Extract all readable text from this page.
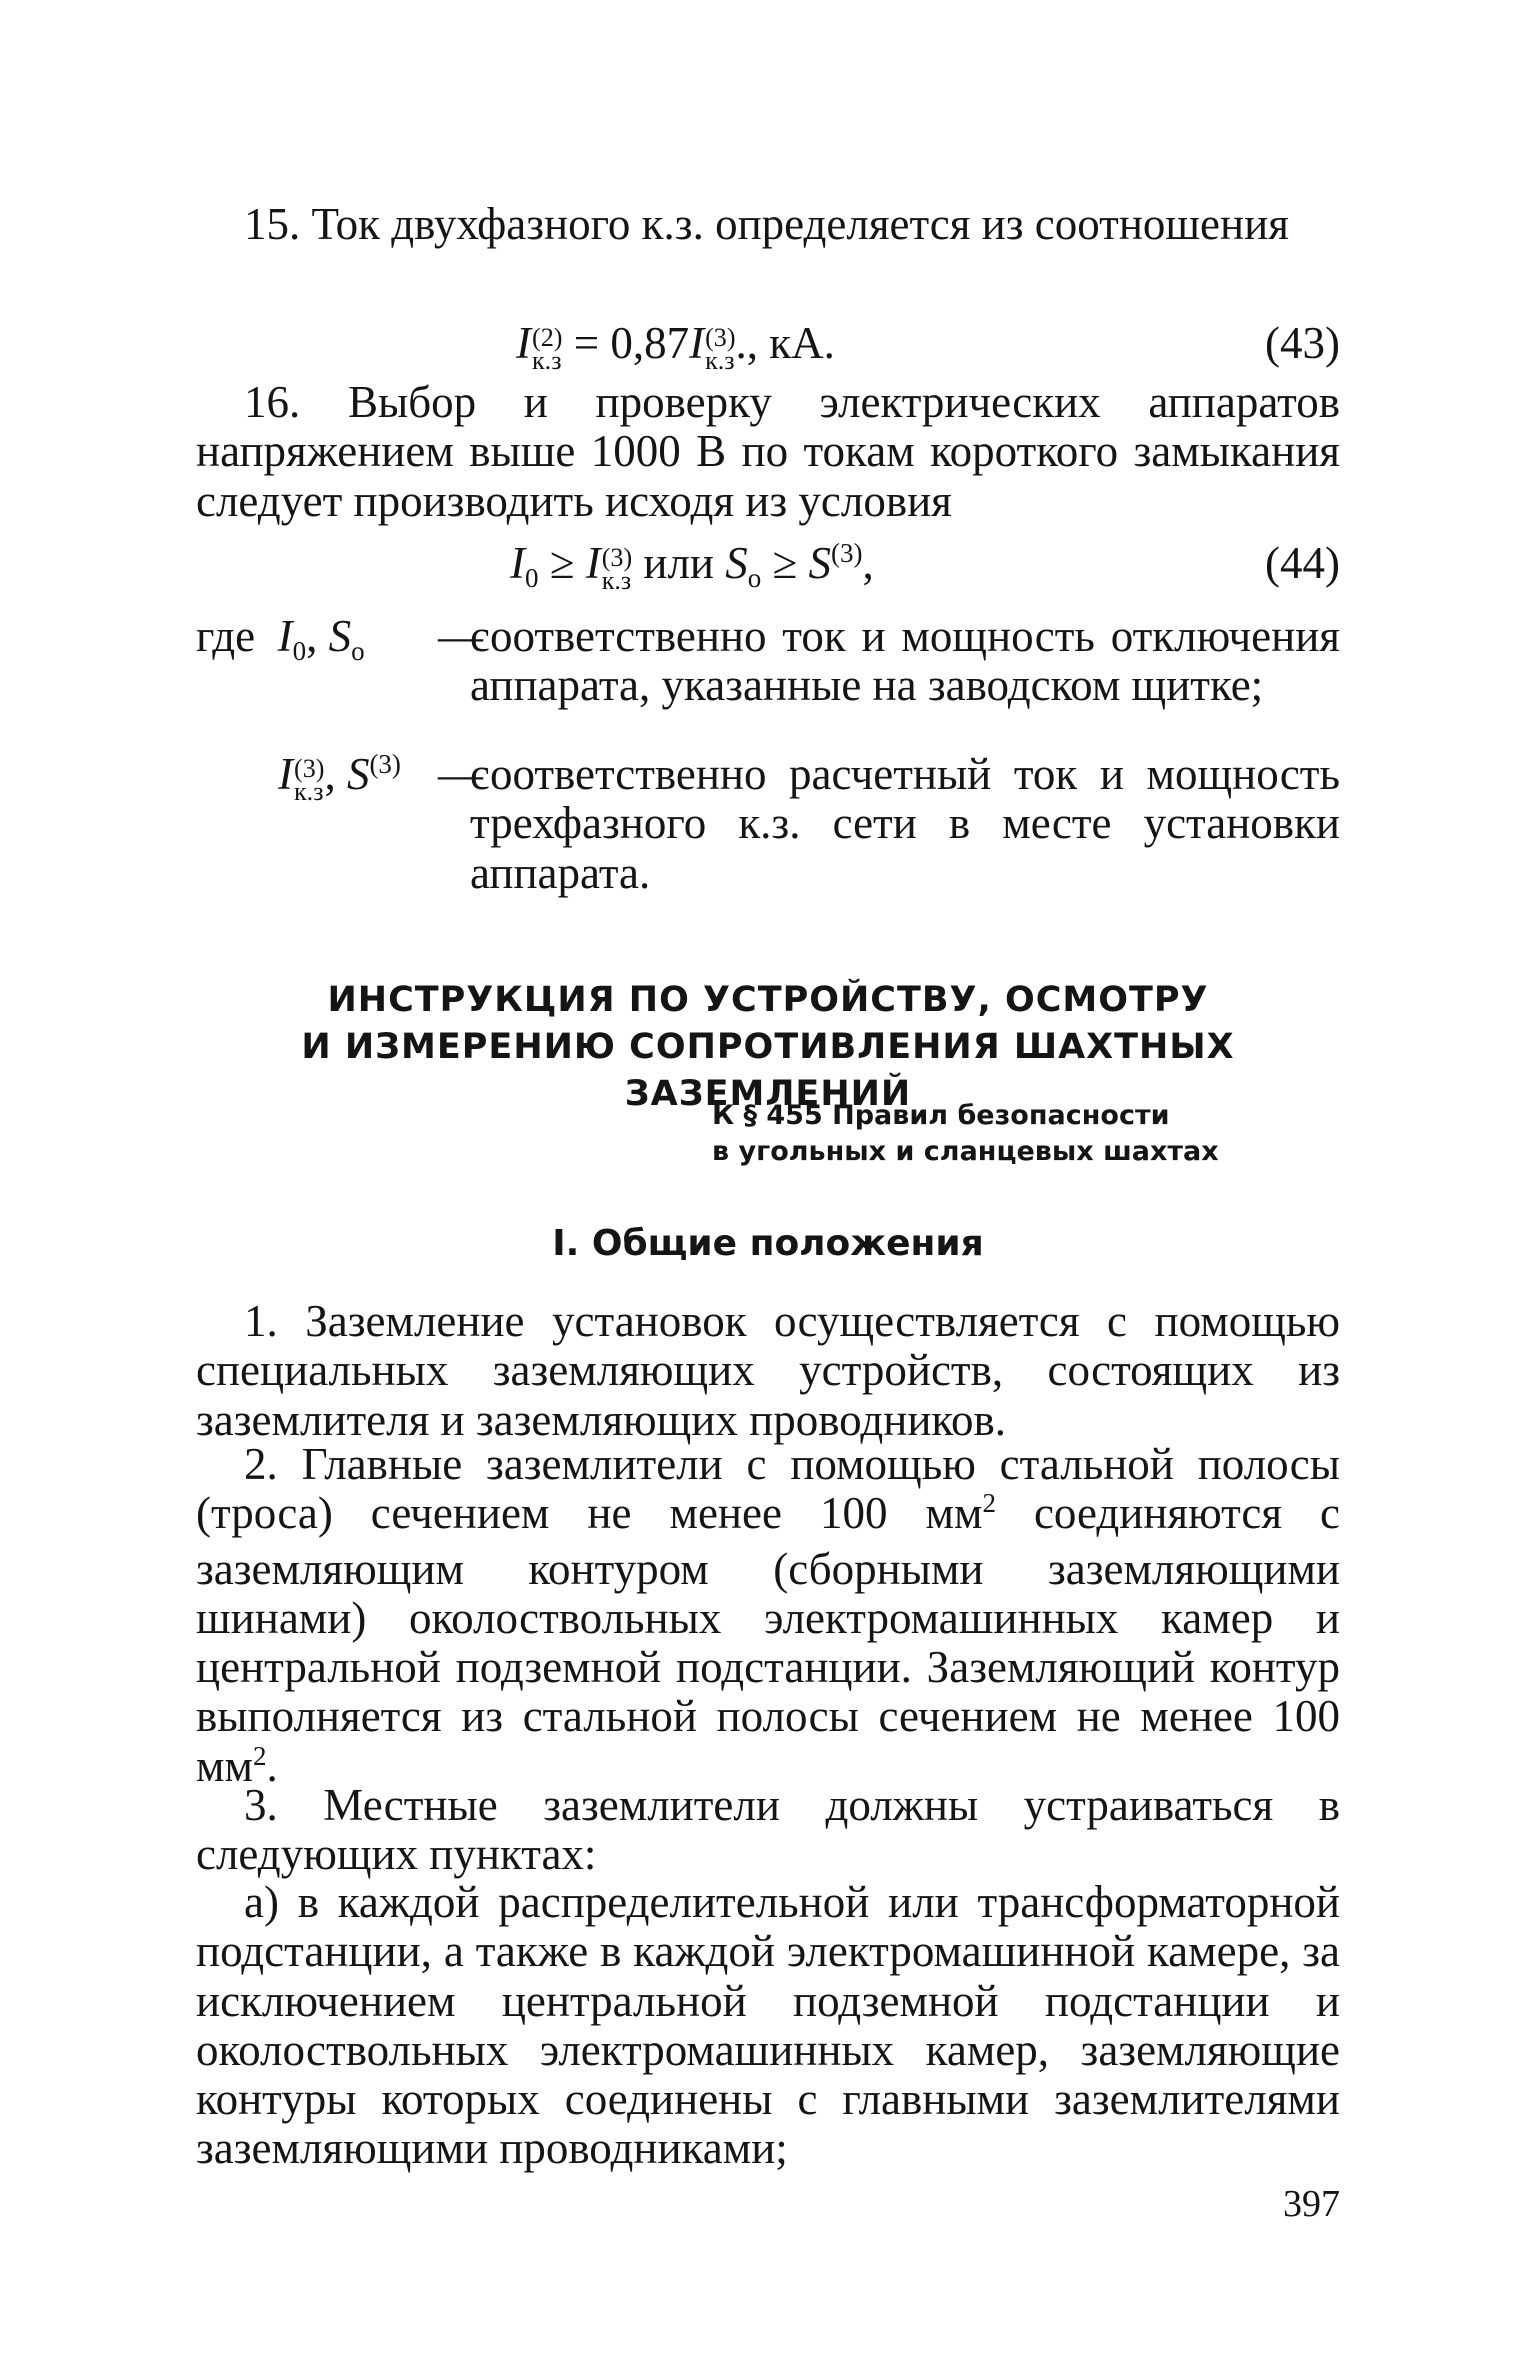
15. Ток двухфазного к.з. определяется из соотношения

I (2)
к.з = 0,87I (3)
к.з ., кА.	(43)

16. Выбор и проверку электрических аппаратов напряжением выше 1000 В по токам короткого замыкания следует производить исходя из условия

$I_0 \ge I$ (3)
к.з или $S_о \ge S^{(3)}$,	(44)
где $I_0$, $S_о$ —
соответственно ток и мощность отключения аппарата, указанные на заводском щитке;
I (3)
к.з , $S^{(3)}$ —
соответственно расчетный ток и мощность трехфазного к.з. сети в месте установки аппарата.
ИНСТРУКЦИЯ ПО УСТРОЙСТВУ, ОСМОТРУ
И ИЗМЕРЕНИЮ СОПРОТИВЛЕНИЯ ШАХТНЫХ ЗАЗЕМЛЕНИЙ
К § 455 Правил безопасности
в угольных и сланцевых шахтах
I. Общие положения

1. Заземление установок осуществляется с помощью специальных заземляющих устройств, состоящих из заземлителя и заземляющих проводников.

2. Главные заземлители с помощью стальной полосы (троса) сечением не менее 100 $мм^2$ соединяются с заземляющим контуром (сборными заземляющими шинами) околоствольных электромашинных камер и центральной подземной подстанции. Заземляющий контур выполняется из стальной полосы сечением не менее 100 $мм^2$.

3. Местные заземлители должны устраиваться в следующих пунктах:

а) в каждой распределительной или трансформаторной подстанции, а также в каждой электромашинной камере, за исключением центральной подземной подстанции и околоствольных электромашинных камер, заземляющие контуры которых соединены с главными заземлителями заземляющими проводниками;

397
